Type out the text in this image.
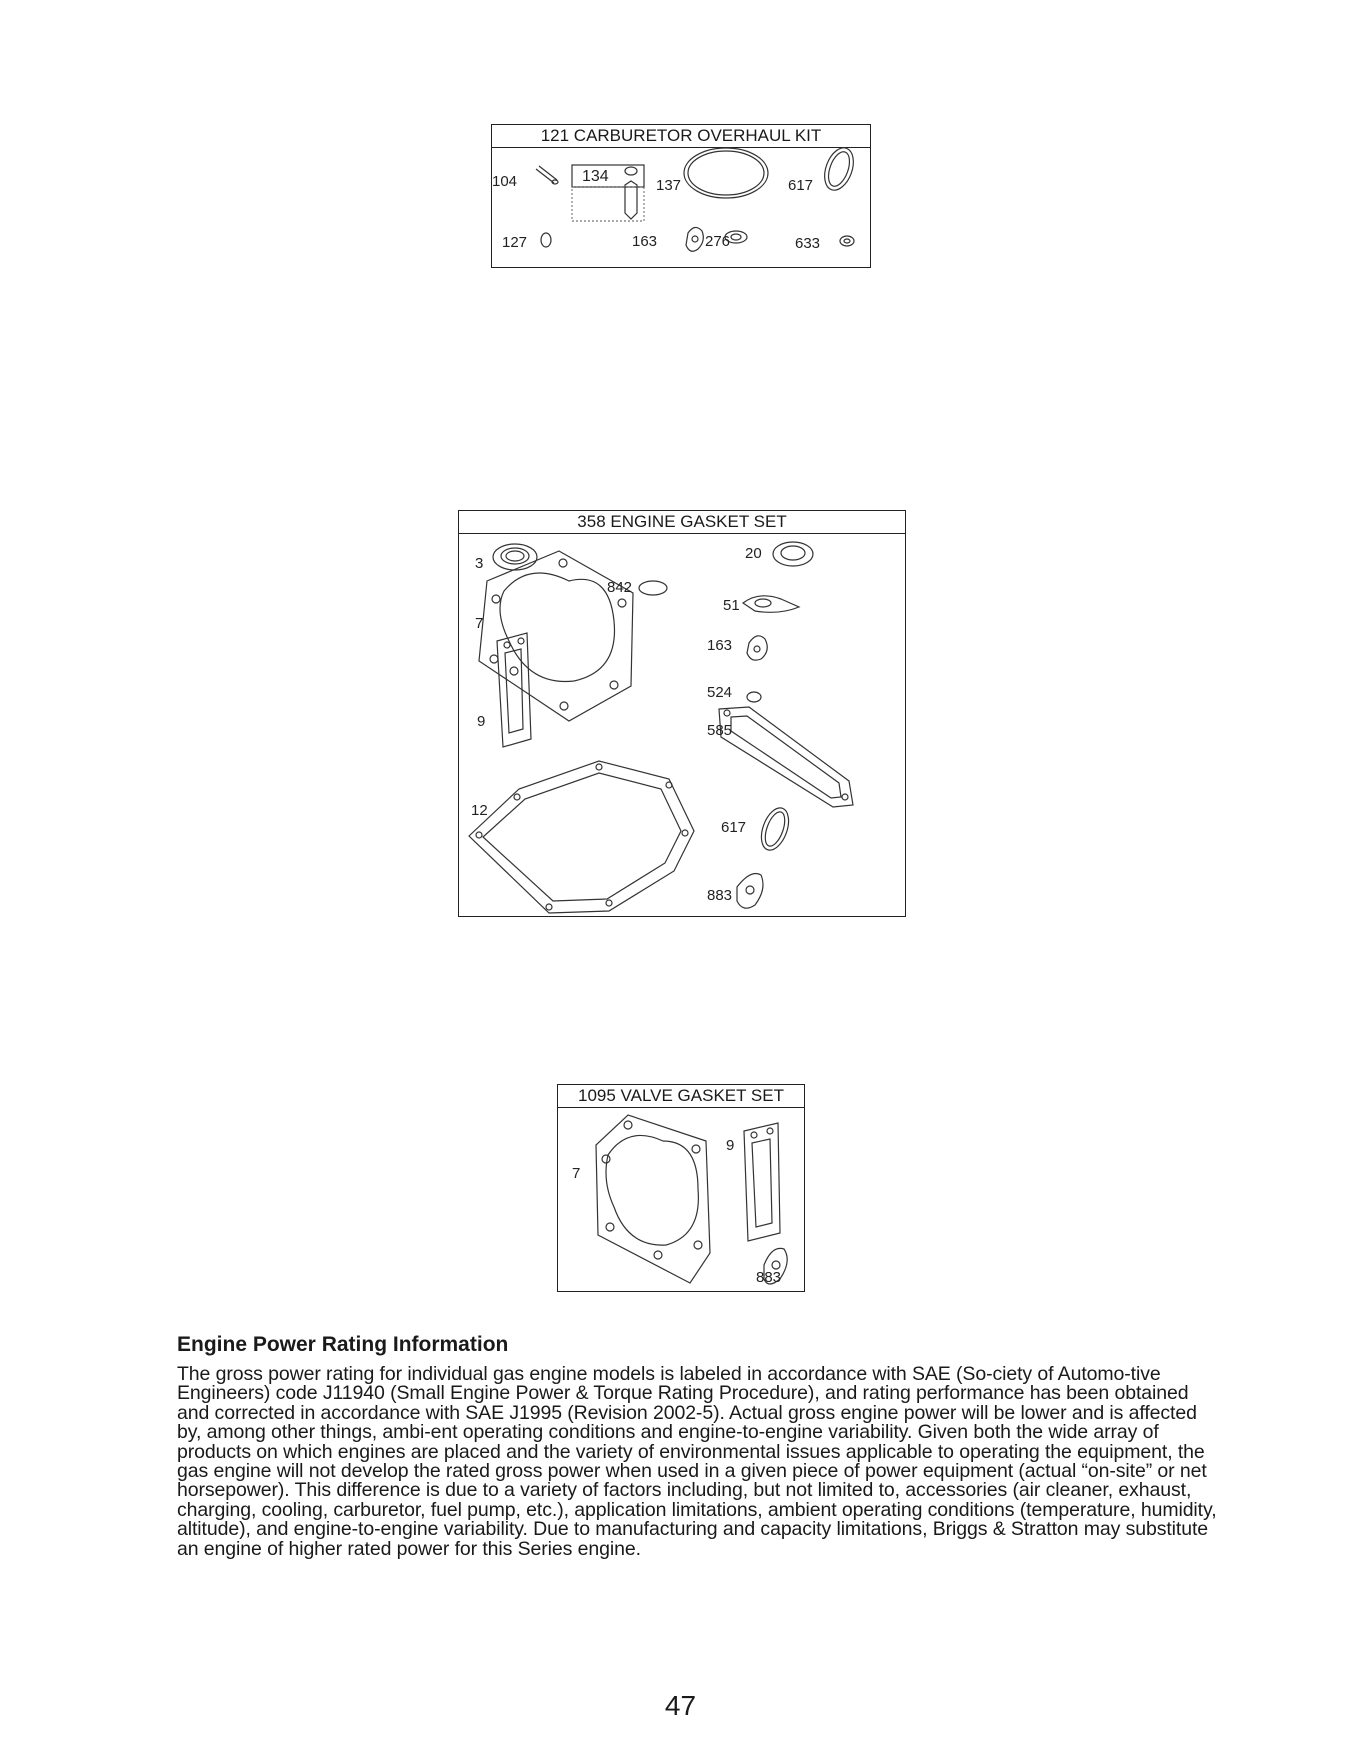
121 CARBURETOR OVERHAUL KIT
104	134
137	617
127	163	276	633
358 ENGINE GASKET SET
3
842
20
7
51
163
9
524
585
12
617
883
1095 VALVE GASKET SET
9
7
883
Engine Power Rating Information

The gross power rating for individual gas engine models is labeled in accordance with SAE (So-ciety of Automo-tive Engineers) code J11940 (Small Engine Power & Torque Rating Procedure), and rating performance has been obtained and corrected in accordance with SAE J1995 (Revision 2002-5). Actual gross engine power will be lower and is affected by, among other things, ambi-ent operating conditions and engine-to-engine variability. Given both the wide array of products on which engines are placed and the variety of environmental issues applicable to operating the equipment, the gas engine will not develop the rated gross power when used in a given piece of power equipment (actual “on-site” or net horsepower). This difference is due to a variety of factors including, but not limited to, accessories (air cleaner, exhaust, charging, cooling, carburetor, fuel pump, etc.), application limitations, ambient operating conditions (temperature, humidity, altitude), and engine-to-engine variability. Due to manufacturing and capacity limitations, Briggs & Stratton may substitute an engine of higher rated power for this Series engine.

47
